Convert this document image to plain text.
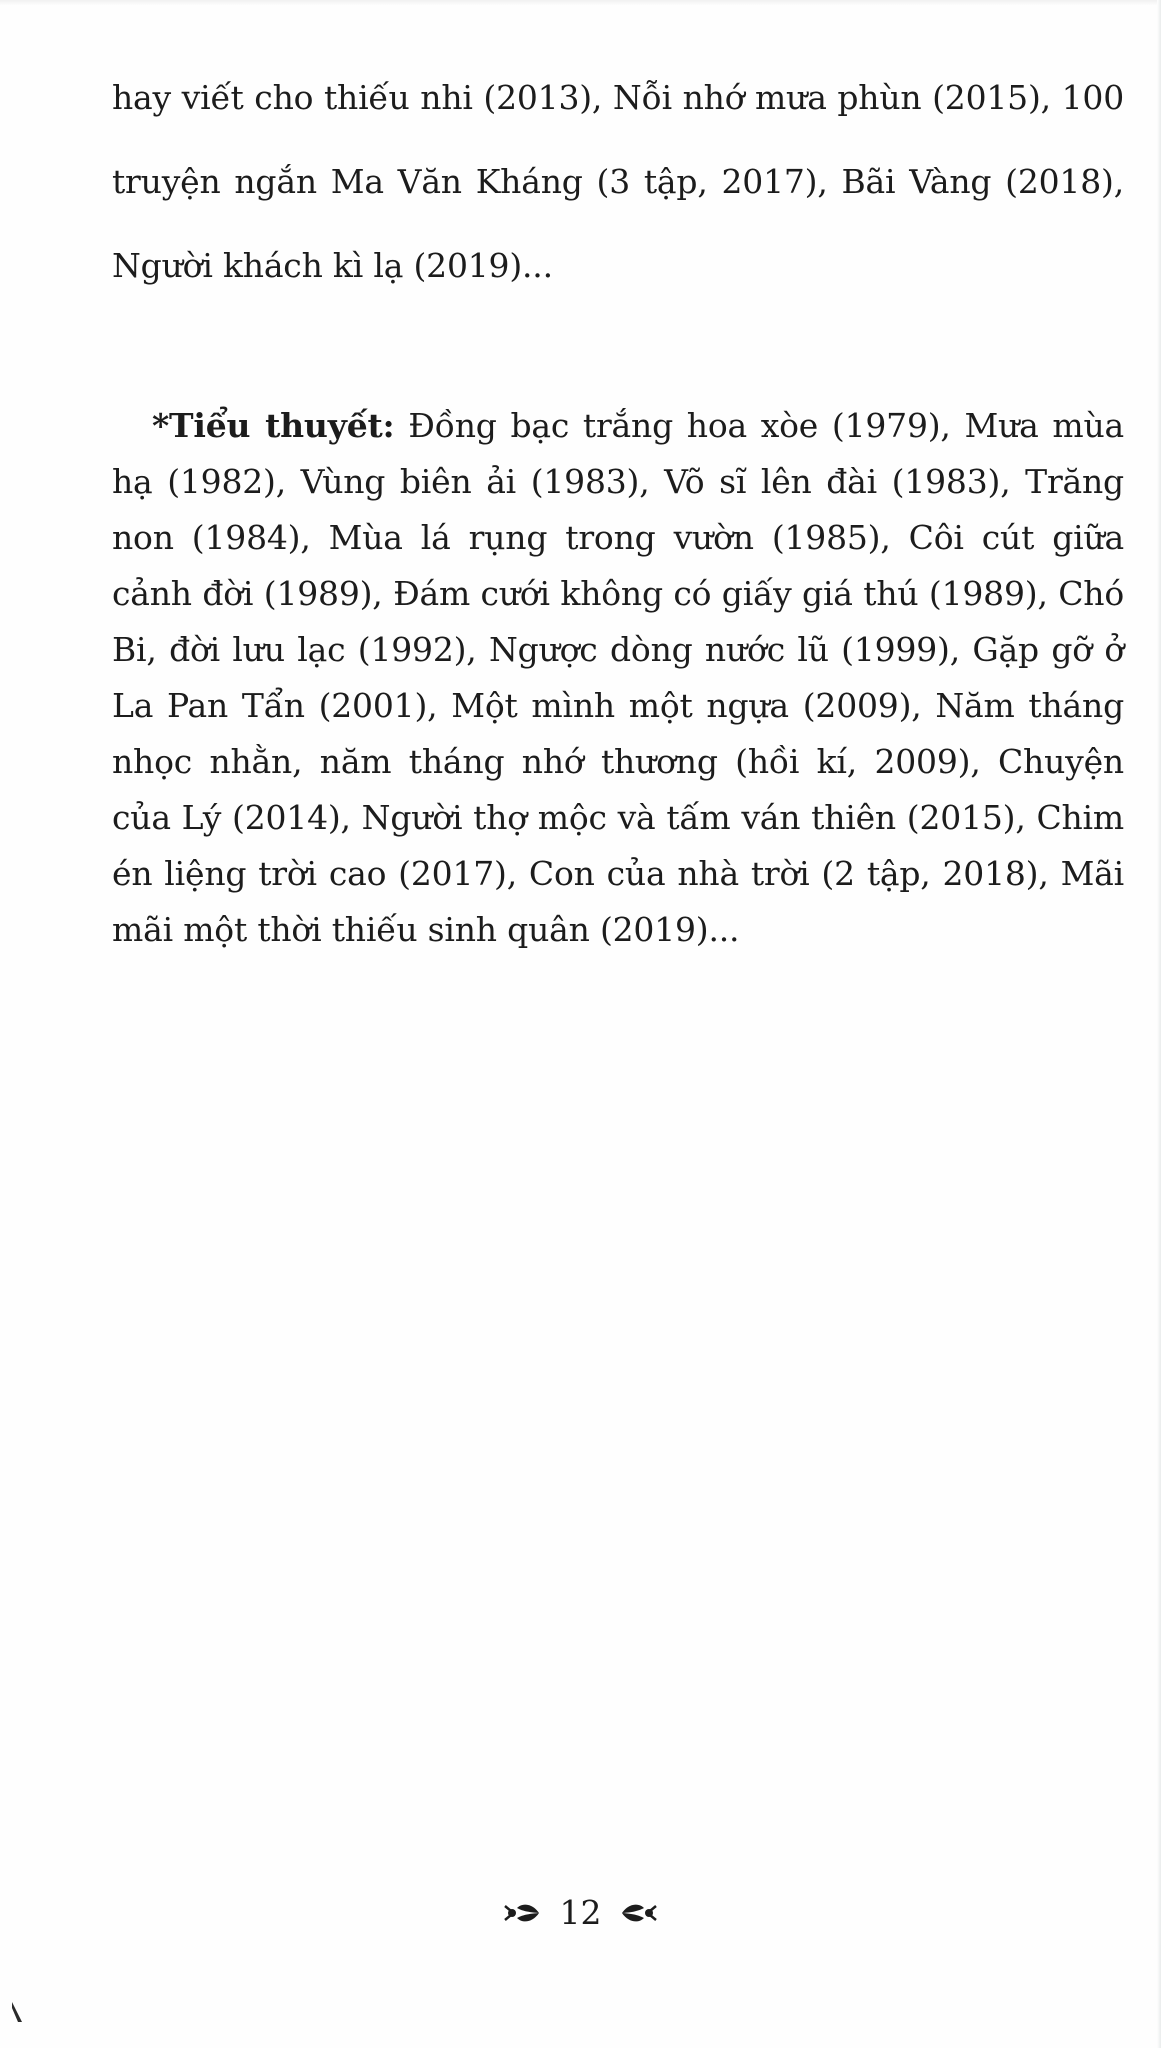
hay viết cho thiếu nhi (2013), Nỗi nhớ mưa phùn (2015), 100
truyện ngắn Ma Văn Kháng (3 tập, 2017), Bãi Vàng (2018),
Người khách kì lạ (2019)...
*Tiểu thuyết: Đồng bạc trắng hoa xòe (1979), Mưa mùa
hạ (1982), Vùng biên ải (1983), Võ sĩ lên đài (1983), Trăng
non (1984), Mùa lá rụng trong vườn (1985), Côi cút giữa
cảnh đời (1989), Đám cưới không có giấy giá thú (1989), Chó
Bi, đời lưu lạc (1992), Ngược dòng nước lũ (1999), Gặp gỡ ở
La Pan Tẩn (2001), Một mình một ngựa (2009), Năm tháng
nhọc nhằn, năm tháng nhớ thương (hồi kí, 2009), Chuyện
của Lý (2014), Người thợ mộc và tấm ván thiên (2015), Chim
én liệng trời cao (2017), Con của nhà trời (2 tập, 2018), Mãi
mãi một thời thiếu sinh quân (2019)...
12
